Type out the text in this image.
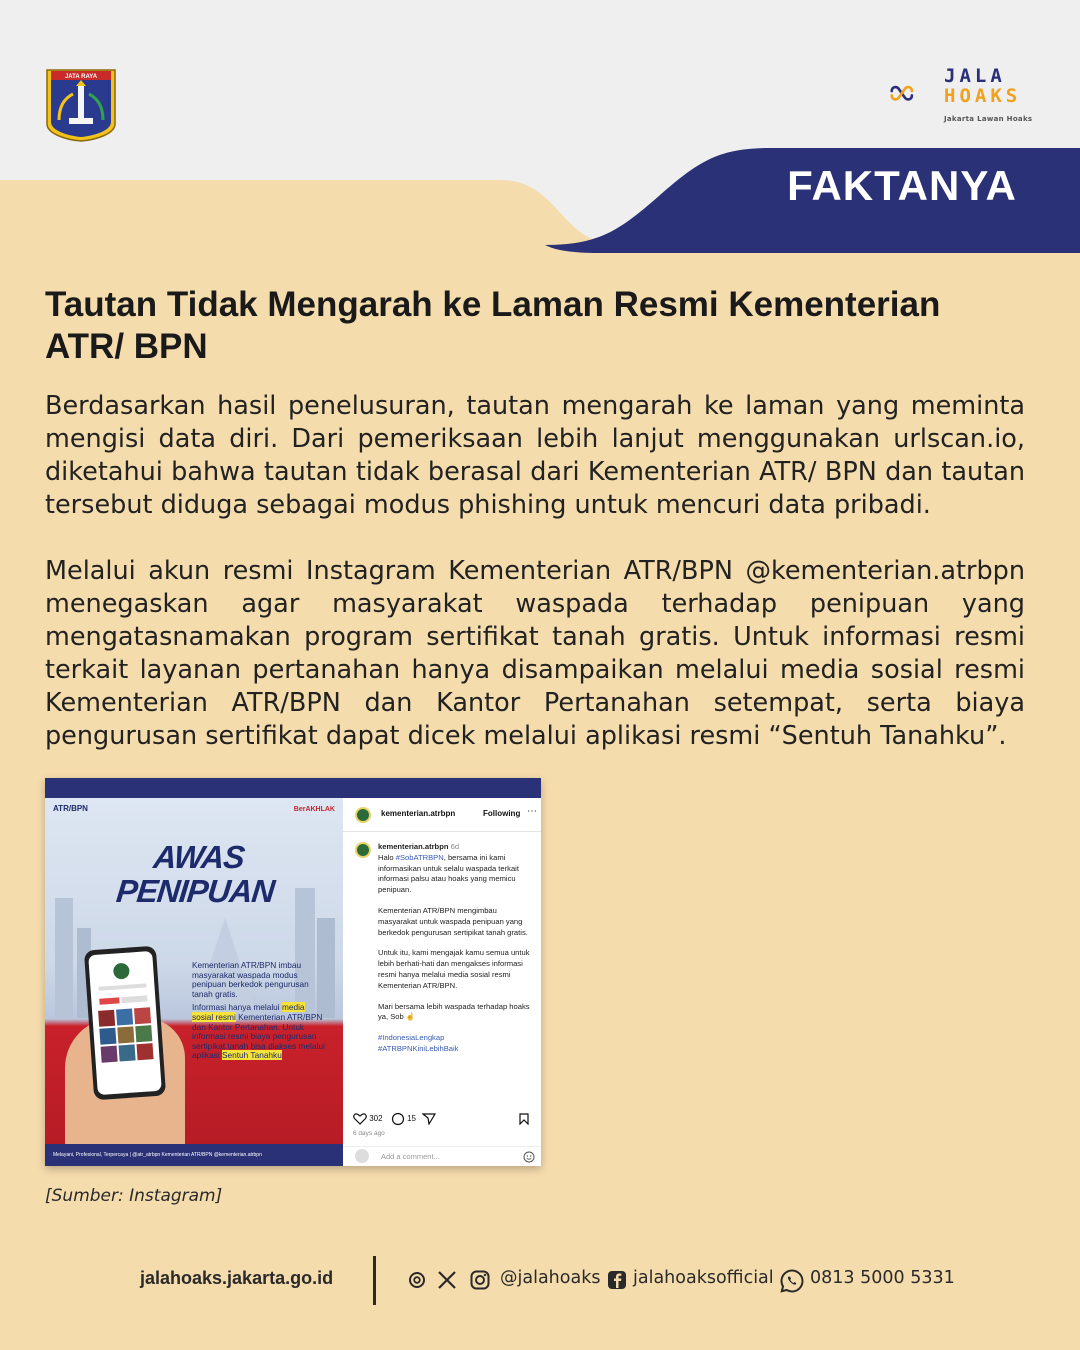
JATA RAYA	JALA
HOAKS
Jakarta Lawan Hoaks
FAKTANYA
Tautan Tidak Mengarah ke Laman Resmi Kementerian ATR/ BPN

Berdasarkan hasil penelusuran, tautan mengarah ke laman yang meminta mengisi data diri. Dari pemeriksaan lebih lanjut menggunakan urlscan.io, diketahui bahwa tautan tidak berasal dari Kementerian ATR/ BPN dan tautan tersebut diduga sebagai modus phishing untuk mencuri data pribadi.

Melalui akun resmi Instagram Kementerian ATR/BPN @kementerian.atrbpn menegaskan agar masyarakat waspada terhadap penipuan yang mengatasnamakan program sertifikat tanah gratis. Untuk informasi resmi terkait layanan pertanahan hanya disampaikan melalui media sosial resmi Kementerian ATR/BPN dan Kantor Pertanahan setempat, serta biaya pengurusan sertifikat dapat dicek melalui aplikasi resmi “Sentuh Tanahku”.

ATR/BPN	BerAKHLAK
AWAS
PENIPUAN

Kementerian ATR/BPN imbau masyarakat waspada modus penipuan berkedok pengurusan tanah gratis.

Informasi hanya melalui media sosial resmi Kementerian ATR/BPN dan Kantor Pertanahan. Untuk informasi resmi biaya pengurusan sertipikat tanah bisa diakses melalui aplikasi Sentuh Tanahku

Melayani, Profesional, Terpercaya | @atr_atrbpn Kementerian ATR/BPN @kementerian.atrbpn
kementerian.atrbpn	Following ⋯
kementerian.atrbpn 6d

Halo #SobATRBPN, bersama ini kami informasikan untuk selalu waspada terkait informasi palsu atau hoaks yang memicu penipuan.

Kementerian ATR/BPN mengimbau masyarakat untuk waspada penipuan yang berkedok pengurusan sertipikat tanah gratis.

Untuk itu, kami mengajak kamu semua untuk lebih berhati-hati dan mengakses informasi resmi hanya melalui media sosial resmi Kementerian ATR/BPN.

Mari bersama lebih waspada terhadap hoaks ya, Sob ☝

#IndonesiaLengkap
#ATRBPNKiniLebihBaik

302	15
6 days ago
Add a comment...
[Sumber: Instagram]
jalahoaks.jakarta.go.id	@jalahoaks jalahoaksofficial 0813 5000 5331
